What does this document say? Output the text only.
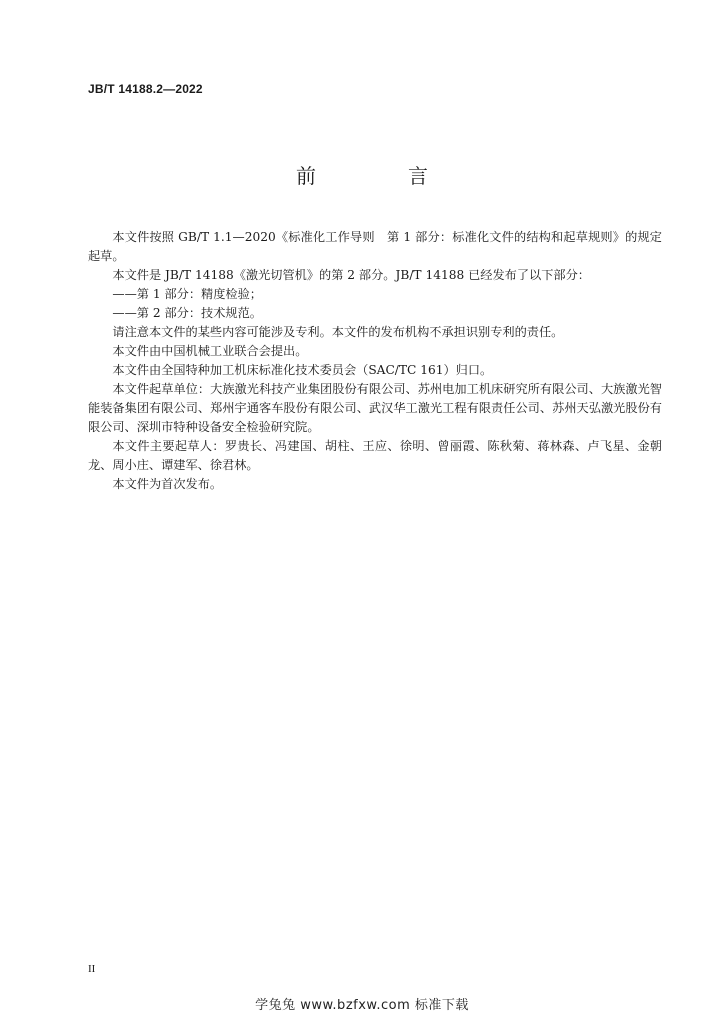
JB/T 14188.2—2022
前　言

本文件按照 GB/T 1.1—2020《标准化工作导则　第 1 部分：标准化文件的结构和起草规则》的规定起草。

本文件是 JB/T 14188《激光切管机》的第 2 部分。JB/T 14188 已经发布了以下部分：

——第 1 部分：精度检验；

——第 2 部分：技术规范。

请注意本文件的某些内容可能涉及专利。本文件的发布机构不承担识别专利的责任。

本文件由中国机械工业联合会提出。

本文件由全国特种加工机床标准化技术委员会（SAC/TC 161）归口。

本文件起草单位：大族激光科技产业集团股份有限公司、苏州电加工机床研究所有限公司、大族激光智能装备集团有限公司、郑州宇通客车股份有限公司、武汉华工激光工程有限责任公司、苏州天弘激光股份有限公司、深圳市特种设备安全检验研究院。

本文件主要起草人：罗贵长、冯建国、胡柱、王应、徐明、曾丽霞、陈秋菊、蒋林森、卢飞星、金朝龙、周小庄、谭建军、徐君林。

本文件为首次发布。

II
学兔兔 www.bzfxw.com 标准下载
